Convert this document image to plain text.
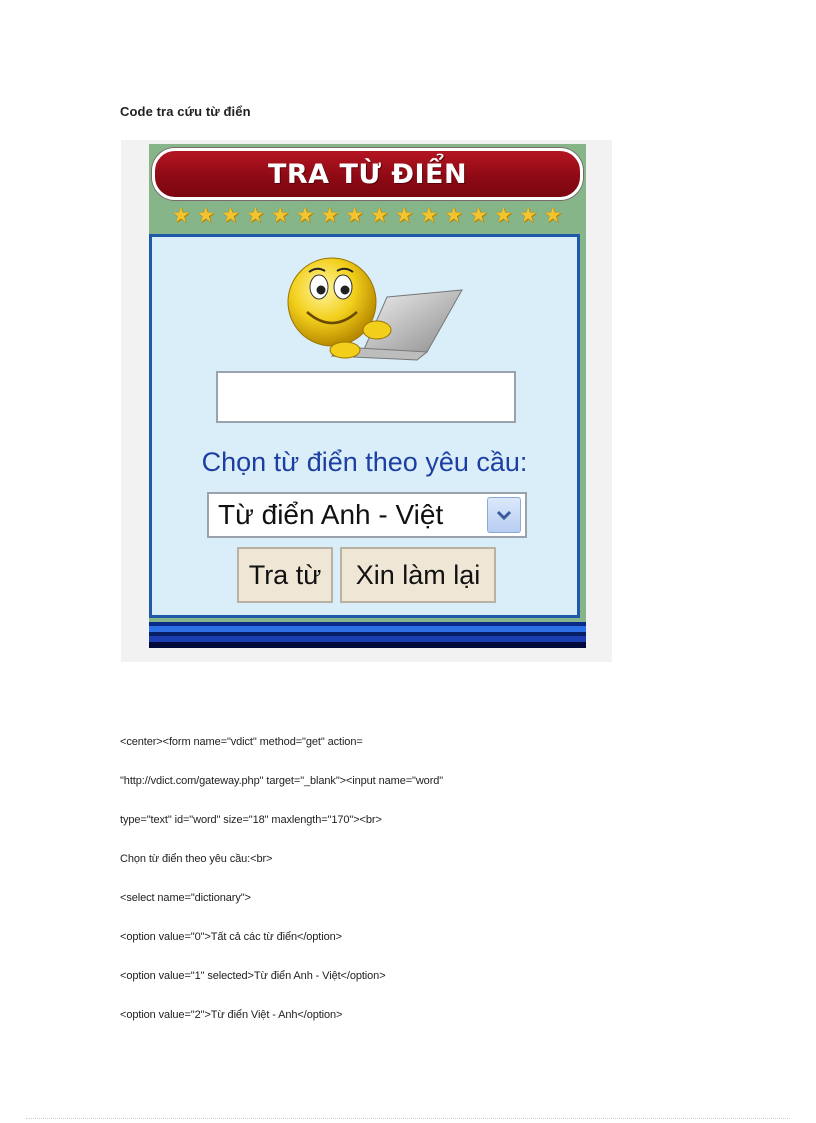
Code tra cứu từ điển
TRA TỪ ĐIỂN
★ ★ ★ ★ ★ ★ ★ ★ ★ ★ ★ ★ ★ ★ ★ ★
Chọn từ điển theo yêu cầu:
Từ điển Anh - Việt
Tra từ	Xin làm lại
<center><form name="vdict" method="get" action=
"http://vdict.com/gateway.php" target="_blank"><input name="word"
type="text" id="word" size="18" maxlength="170"><br>
Chọn từ điển theo yêu cầu:<br>
<select name="dictionary">
<option value="0">Tất cả các từ điển</option>
<option value="1" selected>Từ điển Anh - Việt</option>
<option value="2">Từ điển Việt - Anh</option>
